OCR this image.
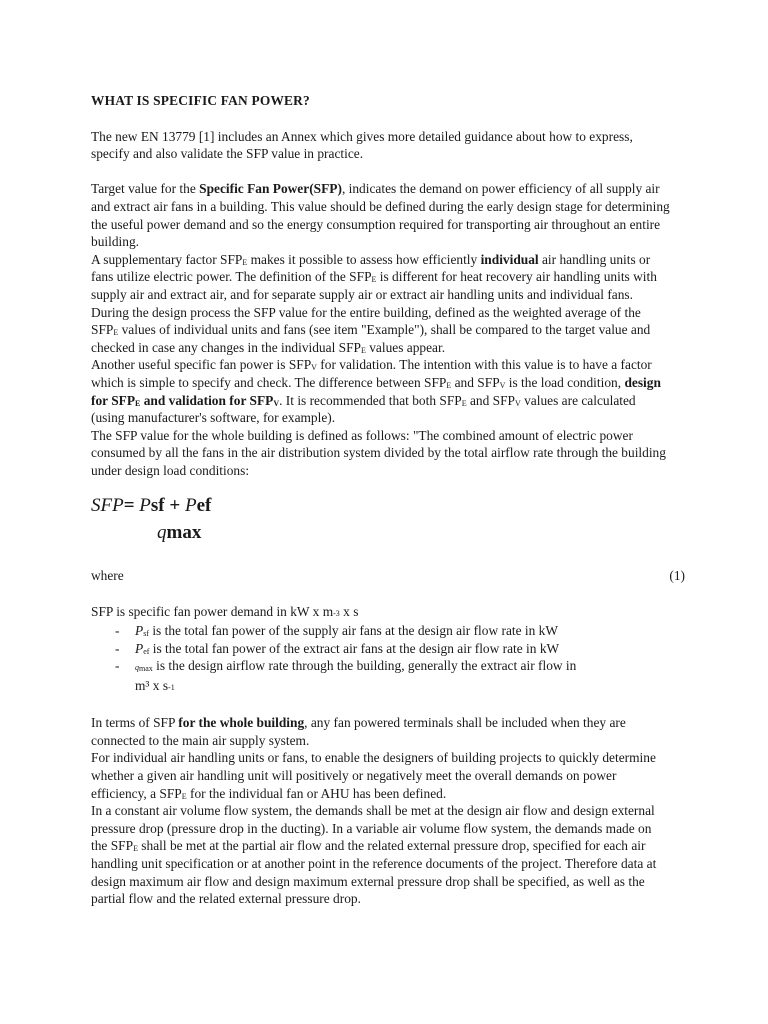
WHAT IS SPECIFIC FAN POWER?

The new EN 13779 [1] includes an Annex which gives more detailed guidance about how to express, specify and also validate the SFP value in practice.

Target value for the Specific Fan Power(SFP), indicates the demand on power efficiency of all supply air and extract air fans in a building. This value should be defined during the early design stage for determining the useful power demand and so the energy consumption required for transporting air throughout an entire building.

A supplementary factor $SFP_E$ makes it possible to assess how efficiently individual air handling units or fans utilize electric power. The definition of the $SFP_E$ is different for heat recovery air handling units with supply air and extract air, and for separate supply air or extract air handling units and individual fans.

During the design process the SFP value for the entire building, defined as the weighted average of the $SFP_E$ values of individual units and fans (see item "Example"), shall be compared to the target value and checked in case any changes in the individual $SFP_E$ values appear.

Another useful specific fan power is $SFP_V$ for validation. The intention with this value is to have a factor which is simple to specify and check. The difference between $SFP_E$ and $SFP_V$ is the load condition, design for $SFP_E$ and validation for $SFP_V$. It is recommended that both $SFP_E$ and $SFP_V$ values are calculated (using manufacturer's software, for example).

The SFP value for the whole building is defined as follows: "The combined amount of electric power consumed by all the fans in the air distribution system divided by the total airflow rate through the building under design load conditions:

SFP= Psf + Pef
qmax
where	(1)

SFP is specific fan power demand in kW x m-3 x s

- $P_{sf}$ is the total fan power of the supply air fans at the design air flow rate in kW
- $P_{ef}$ is the total fan power of the extract air fans at the design air flow rate in kW
- $q_{max}$ is the design airflow rate through the building, generally the extract air flow in
m³ x s-1

In terms of SFP for the whole building, any fan powered terminals shall be included when they are connected to the main air supply system.

For individual air handling units or fans, to enable the designers of building projects to quickly determine whether a given air handling unit will positively or negatively meet the overall demands on power efficiency, a $SFP_E$ for the individual fan or AHU has been defined.

In a constant air volume flow system, the demands shall be met at the design air flow and design external pressure drop (pressure drop in the ducting). In a variable air volume flow system, the demands made on the $SFP_E$ shall be met at the partial air flow and the related external pressure drop, specified for each air handling unit specification or at another point in the reference documents of the project. Therefore data at design maximum air flow and design maximum external pressure drop shall be specified, as well as the partial flow and the related external pressure drop.
